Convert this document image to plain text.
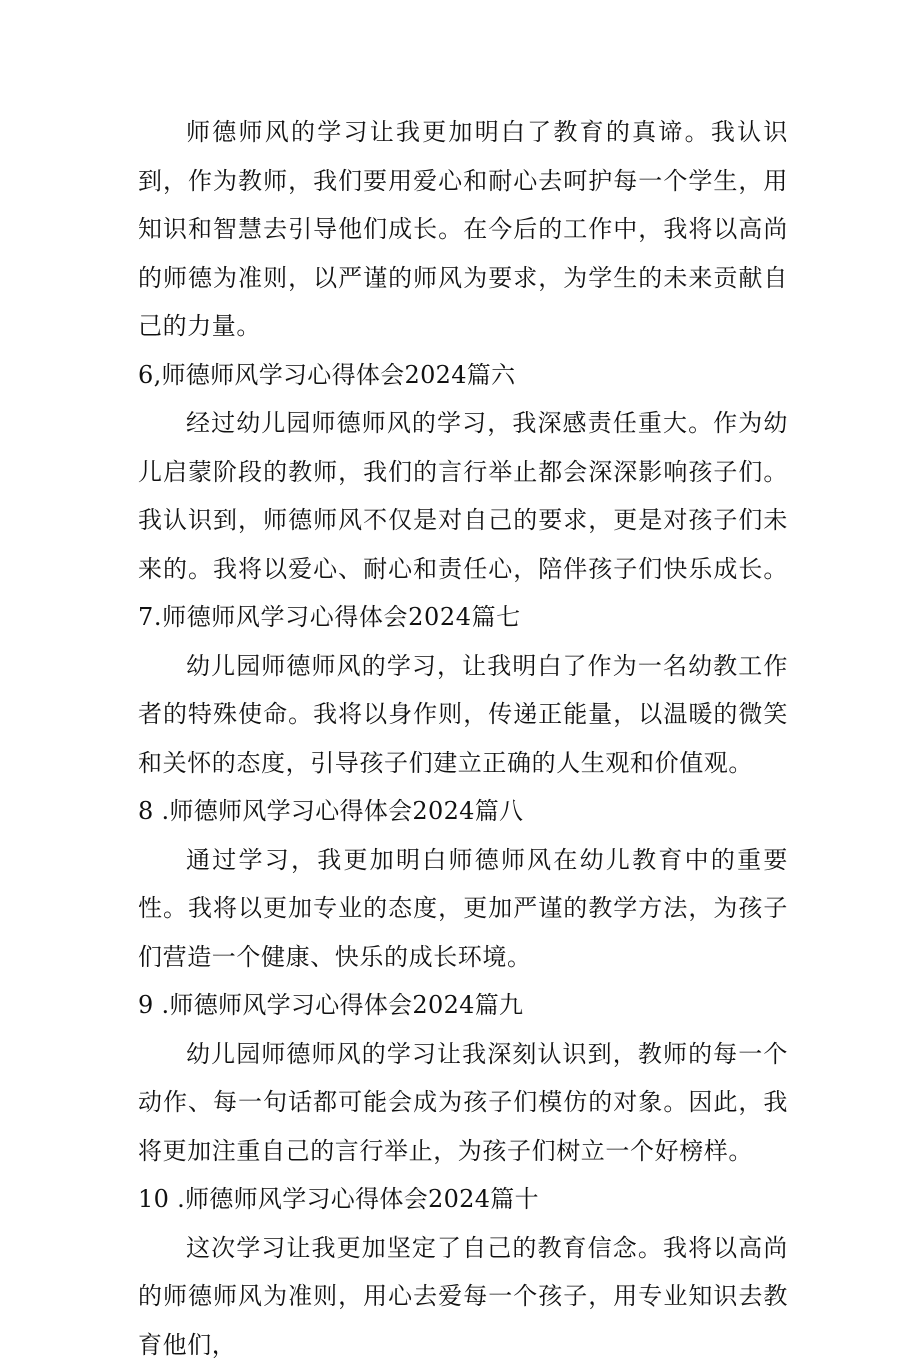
师德师风的学习让我更加明白了教育的真谛。我认识到，作为教师，我们要用爱心和耐心去呵护每一个学生，用知识和智慧去引导他们成长。在今后的工作中，我将以高尚的师德为准则，以严谨的师风为要求，为学生的未来贡献自己的力量。

6,师德师风学习心得体会2024篇六

经过幼儿园师德师风的学习，我深感责任重大。作为幼儿启蒙阶段的教师，我们的言行举止都会深深影响孩子们。我认识到，师德师风不仅是对自己的要求，更是对孩子们未来的。我将以爱心、耐心和责任心，陪伴孩子们快乐成长。7.师德师风学习心得体会2024篇七

幼儿园师德师风的学习，让我明白了作为一名幼教工作者的特殊使命。我将以身作则，传递正能量，以温暖的微笑和关怀的态度，引导孩子们建立正确的人生观和价值观。

8 .师德师风学习心得体会2024篇八

通过学习，我更加明白师德师风在幼儿教育中的重要性。我将以更加专业的态度，更加严谨的教学方法，为孩子们营造一个健康、快乐的成长环境。

9 .师德师风学习心得体会2024篇九

幼儿园师德师风的学习让我深刻认识到，教师的每一个动作、每一句话都可能会成为孩子们模仿的对象。因此，我将更加注重自己的言行举止，为孩子们树立一个好榜样。

10 .师德师风学习心得体会2024篇十

这次学习让我更加坚定了自己的教育信念。我将以高尚的师德师风为准则，用心去爱每一个孩子，用专业知识去教育他们，
